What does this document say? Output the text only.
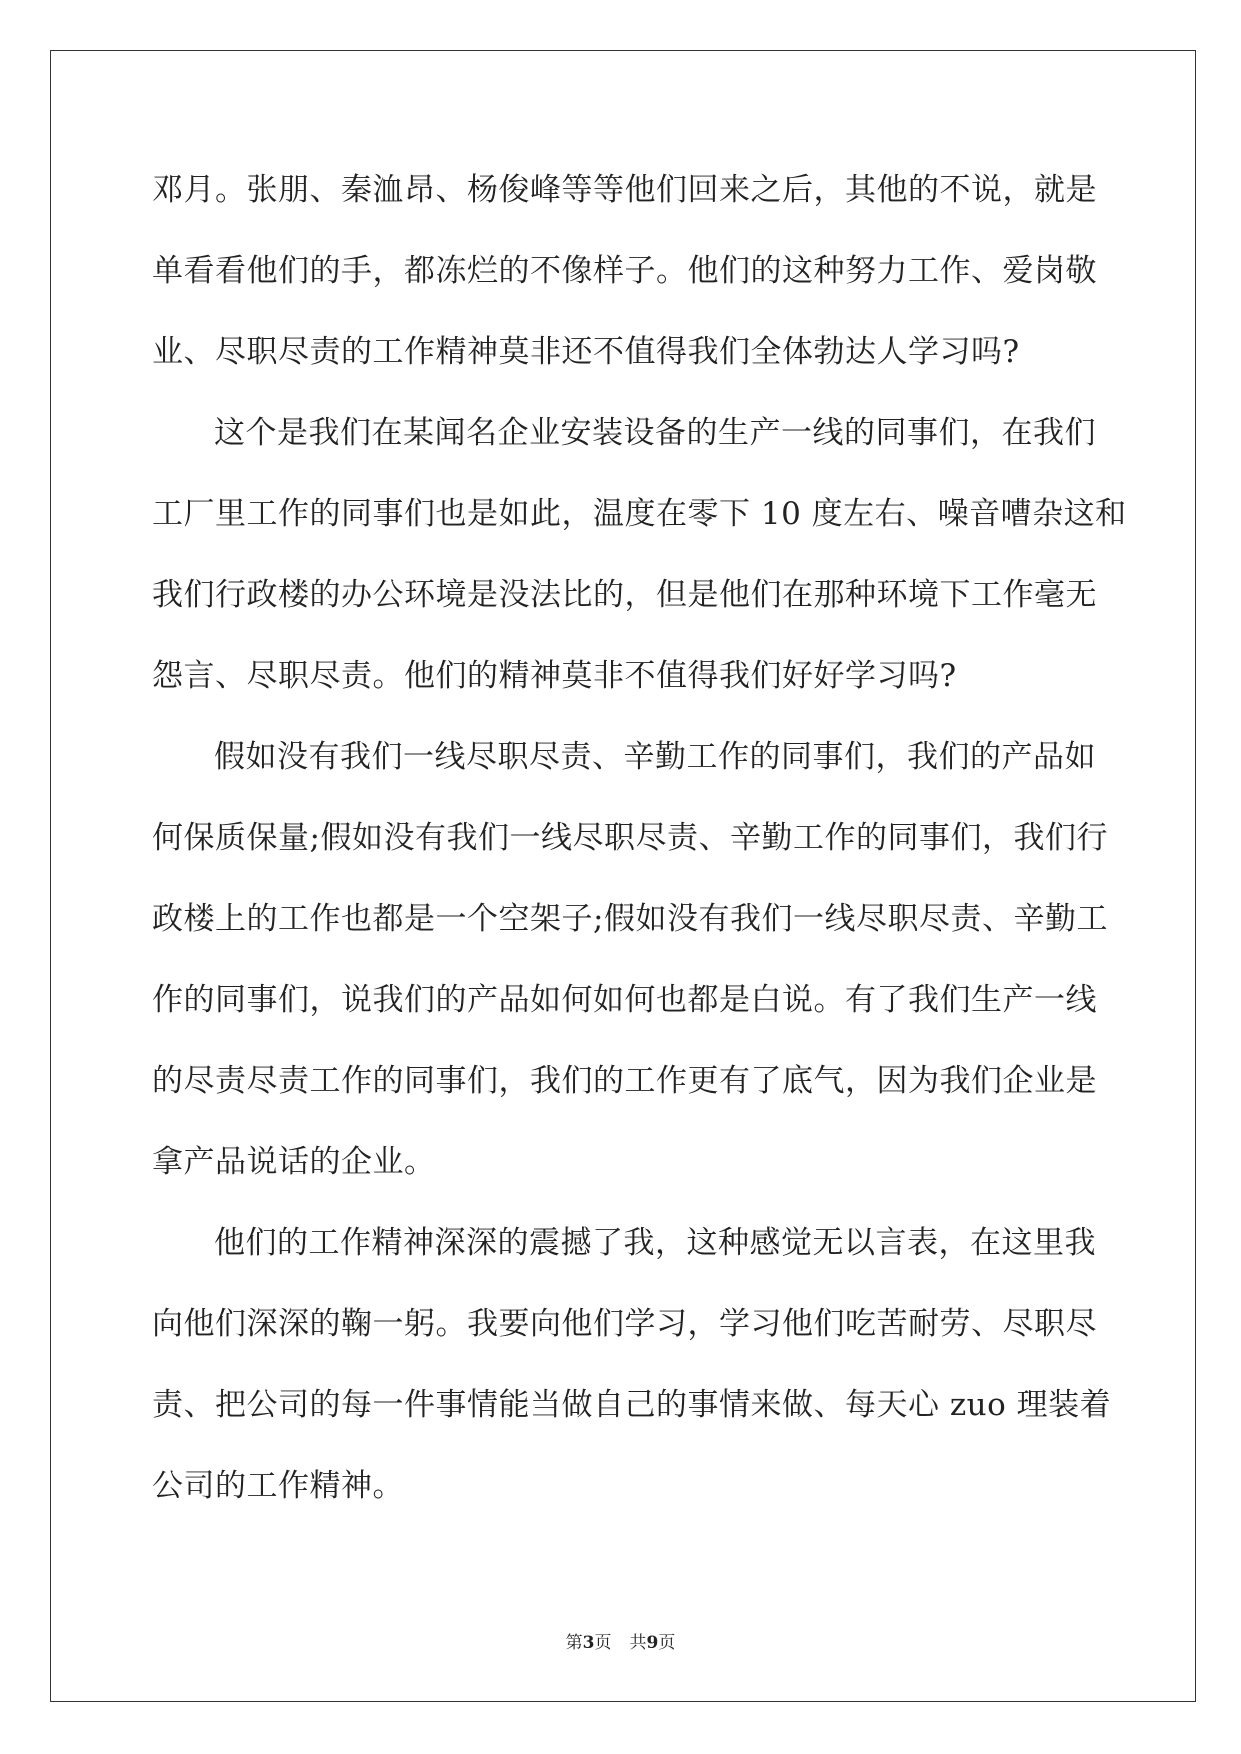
邓月。张朋、秦洫昂、杨俊峰等等他们回来之后，其他的不说，就是
单看看他们的手，都冻烂的不像样子。他们的这种努力工作、爱岗敬
业、尽职尽责的工作精神莫非还不值得我们全体勃达人学习吗?
这个是我们在某闻名企业安装设备的生产一线的同事们，在我们
工厂里工作的同事们也是如此，温度在零下 10 度左右、噪音嘈杂这和
我们行政楼的办公环境是没法比的，但是他们在那种环境下工作毫无
怨言、尽职尽责。他们的精神莫非不值得我们好好学习吗?
假如没有我们一线尽职尽责、辛勤工作的同事们，我们的产品如
何保质保量;假如没有我们一线尽职尽责、辛勤工作的同事们，我们行
政楼上的工作也都是一个空架子;假如没有我们一线尽职尽责、辛勤工
作的同事们，说我们的产品如何如何也都是白说。有了我们生产一线
的尽责尽责工作的同事们，我们的工作更有了底气，因为我们企业是
拿产品说话的企业。
他们的工作精神深深的震撼了我，这种感觉无以言表，在这里我
向他们深深的鞠一躬。我要向他们学习，学习他们吃苦耐劳、尽职尽
责、把公司的每一件事情能当做自己的事情来做、每天心 zuo 理装着
公司的工作精神。
第3页 共9页
